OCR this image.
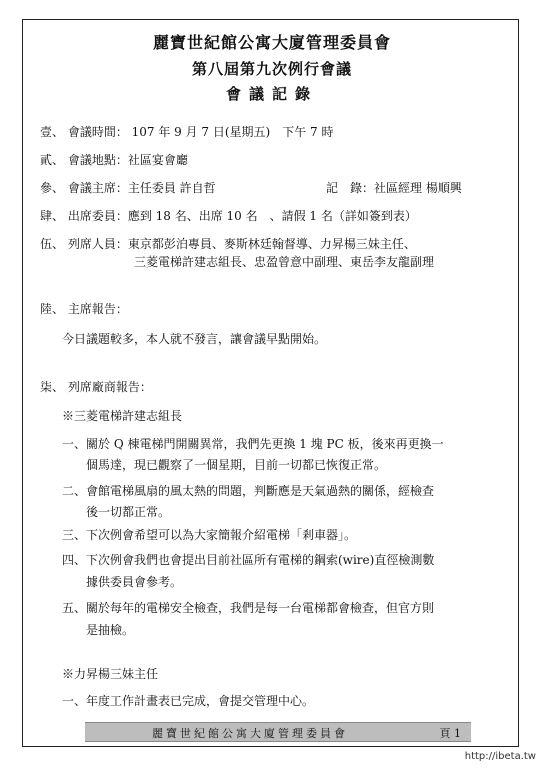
麗寶世紀館公寓大廈管理委員會
第八屆第九次例行會議
會議記錄
壹、 會議時間： 107 年 9 月 7 日(星期五)　下午 7 時
貳、 會議地點：社區宴會廳
參、 會議主席：主任委員 許自哲	記　錄：社區經理 楊順興
肆、 出席委員：應到 18 名、出席 10 名　、請假 1 名（詳如簽到表）
伍、 列席人員：東京都彭泊專員、麥斯林廷翰督導、力昇楊三妹主任、
三菱電梯許建志組長、忠盈曾意中副理、東岳李友龍副理
陸、 主席報告：
今日議題較多，本人就不發言，讓會議早點開始。
柒、 列席廠商報告：
※三菱電梯許建志組長
一、關於 Q 棟電梯門開關異常，我們先更換 1 塊 PC 板，後來再更換一
個馬達，現已觀察了一個星期，目前一切都已恢復正常。
二、會館電梯風扇的風太熱的問題，判斷應是天氣過熱的關係，經檢查
後一切都正常。
三、下次例會希望可以為大家簡報介紹電梯「剎車器」。
四、下次例會我們也會提出目前社區所有電梯的鋼索(wire)直徑檢測數
據供委員會參考。
五、關於每年的電梯安全檢查，我們是每一台電梯都會檢查，但官方則
是抽檢。
※力昇楊三妹主任
一、年度工作計畫表已完成，會提交管理中心。
麗寶世紀館公寓大廈管理委員會	頁 1
http://ibeta.tw
